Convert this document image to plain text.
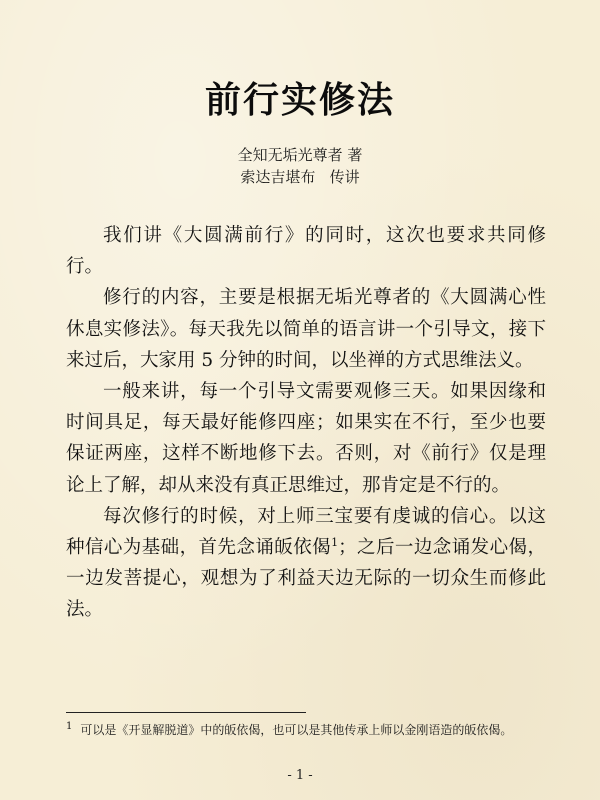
前行实修法
全知无垢光尊者 著
索达吉堪布   传讲

我们讲《大圆满前行》的同时，这次也要求共同修行。

修行的内容，主要是根据无垢光尊者的《大圆满心性休息实修法》。每天我先以简单的语言讲一个引导文，接下来过后，大家用 5 分钟的时间，以坐禅的方式思维法义。

一般来讲，每一个引导文需要观修三天。如果因缘和时间具足，每天最好能修四座；如果实在不行，至少也要保证两座，这样不断地修下去。否则，对《前行》仅是理论上了解，却从来没有真正思维过，那肯定是不行的。

每次修行的时候，对上师三宝要有虔诚的信心。以这种信心为基础，首先念诵皈依偈$^1$；之后一边念诵发心偈，一边发菩提心，观想为了利益天边无际的一切众生而修此法。

$^1$ 可以是《开显解脱道》中的皈依偈，也可以是其他传承上师以金刚语造的皈依偈。
- 1 -
